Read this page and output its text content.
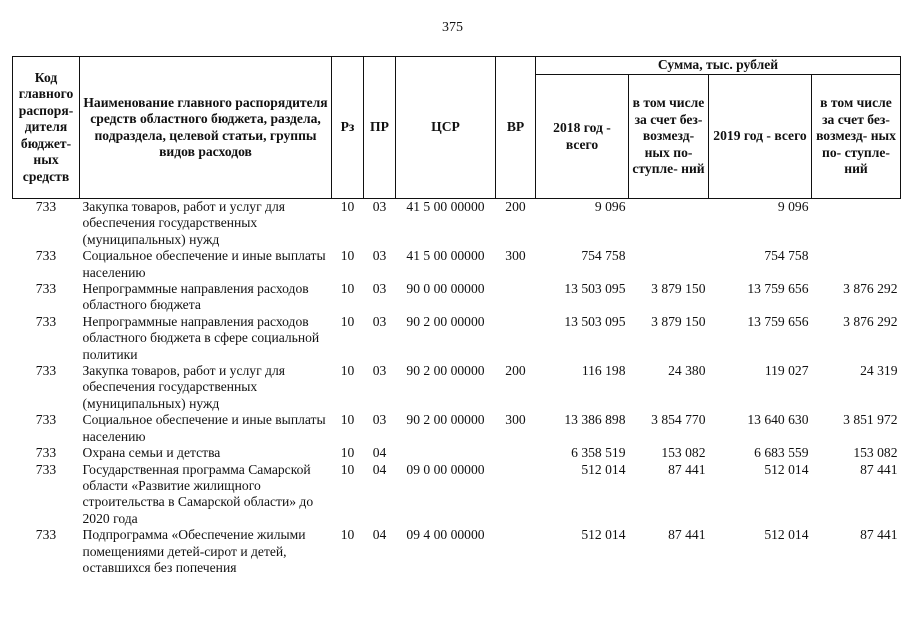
375
Код главного распоря- дителя бюджет- ных средств	Наименование главного распорядителя средств областного бюджета, раздела, подраздела, целевой статьи, группы видов расходов	Рз	ПР	ЦСР	ВР	Сумма, тыс. рублей			
						2018 год - всего	в том числе за счет без- возмезд- ных по- ступле- ний	2019 год - всего	в том числе за счет без- возмезд- ных по- ступле- ний
733	Закупка товаров, работ и услуг для обеспечения государственных (муниципальных) нужд	10	03	41 5 00 00000	200	9 096		9 096	
733	Социальное обеспечение и иные выплаты населению	10	03	41 5 00 00000	300	754 758		754 758	
733	Непрограммные направления расходов областного бюджета	10	03	90 0 00 00000		13 503 095	3 879 150	13 759 656	3 876 292
733	Непрограммные направления расходов областного бюджета в сфере социальной политики	10	03	90 2 00 00000		13 503 095	3 879 150	13 759 656	3 876 292
733	Закупка товаров, работ и услуг для обеспечения государственных (муниципальных) нужд	10	03	90 2 00 00000	200	116 198	24 380	119 027	24 319
733	Социальное обеспечение и иные выплаты населению	10	03	90 2 00 00000	300	13 386 898	3 854 770	13 640 630	3 851 972
733	Охрана семьи и детства	10	04			6 358 519	153 082	6 683 559	153 082
733	Государственная программа Самарской области «Развитие жилищного строительства в Самарской области» до 2020 года	10	04	09 0 00 00000		512 014	87 441	512 014	87 441
733	Подпрограмма «Обеспечение жилыми помещениями детей-сирот и детей, оставшихся без попечения	10	04	09 4 00 00000		512 014	87 441	512 014	87 441
